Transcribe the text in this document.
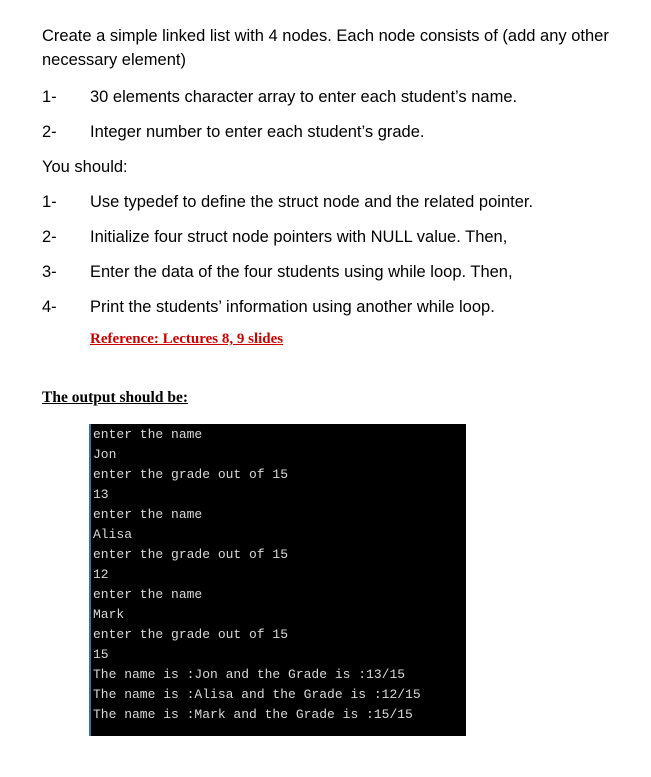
Create a simple linked list with 4 nodes. Each node consists of (add any other necessary element)
1- 30 elements character array to enter each student’s name.
2- Integer number to enter each student’s grade.
You should:
1- Use typedef to define the struct node and the related pointer.
2- Initialize four struct node pointers with NULL value. Then,
3- Enter the data of the four students using while loop. Then,
4- Print the students’ information using another while loop.
Reference: Lectures 8, 9 slides
The output should be:
enter the name
Jon
enter the grade out of 15
13
enter the name
Alisa
enter the grade out of 15
12
enter the name
Mark
enter the grade out of 15
15
The name is :Jon and the Grade is :13/15
The name is :Alisa and the Grade is :12/15
The name is :Mark and the Grade is :15/15
